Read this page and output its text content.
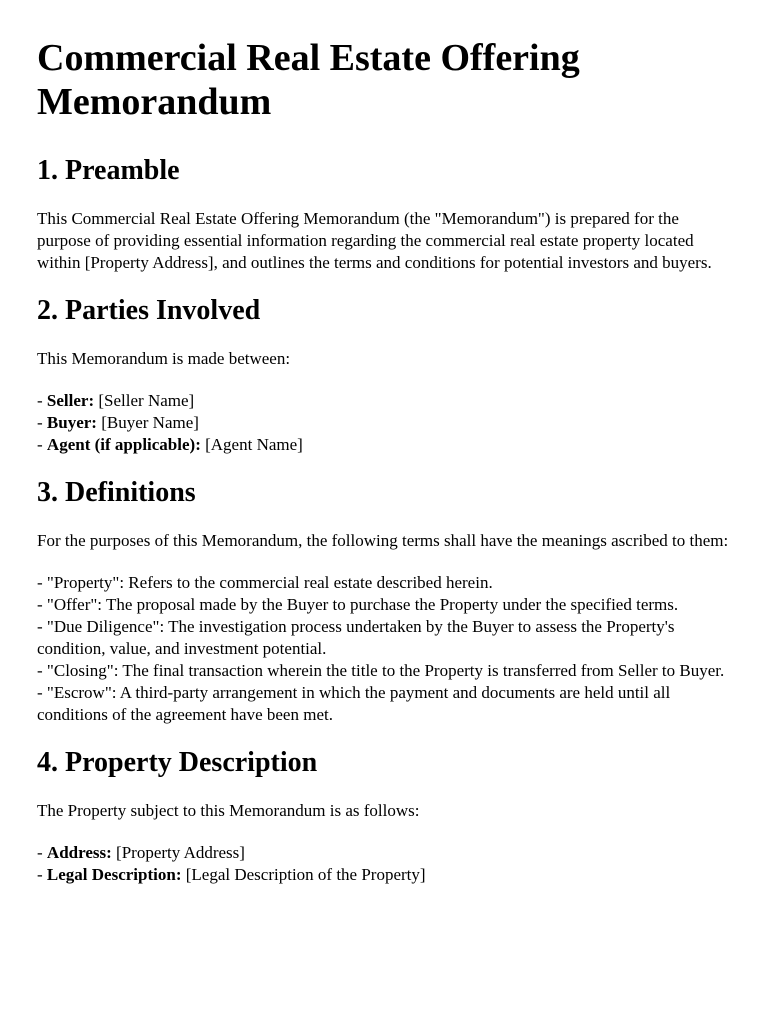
Commercial Real Estate Offering Memorandum
1. Preamble

This Commercial Real Estate Offering Memorandum (the "Memorandum") is prepared for the purpose of providing essential information regarding the commercial real estate property located within [Property Address], and outlines the terms and conditions for potential investors and buyers.

2. Parties Involved

This Memorandum is made between:

- Seller: [Seller Name]
- Buyer: [Buyer Name]
- Agent (if applicable): [Agent Name]
3. Definitions

For the purposes of this Memorandum, the following terms shall have the meanings ascribed to them:

- "Property": Refers to the commercial real estate described herein.
- "Offer": The proposal made by the Buyer to purchase the Property under the specified terms.
- "Due Diligence": The investigation process undertaken by the Buyer to assess the Property's condition, value, and investment potential.
- "Closing": The final transaction wherein the title to the Property is transferred from Seller to Buyer.
- "Escrow": A third-party arrangement in which the payment and documents are held until all conditions of the agreement have been met.
4. Property Description

The Property subject to this Memorandum is as follows:

- Address: [Property Address]
- Legal Description: [Legal Description of the Property]
